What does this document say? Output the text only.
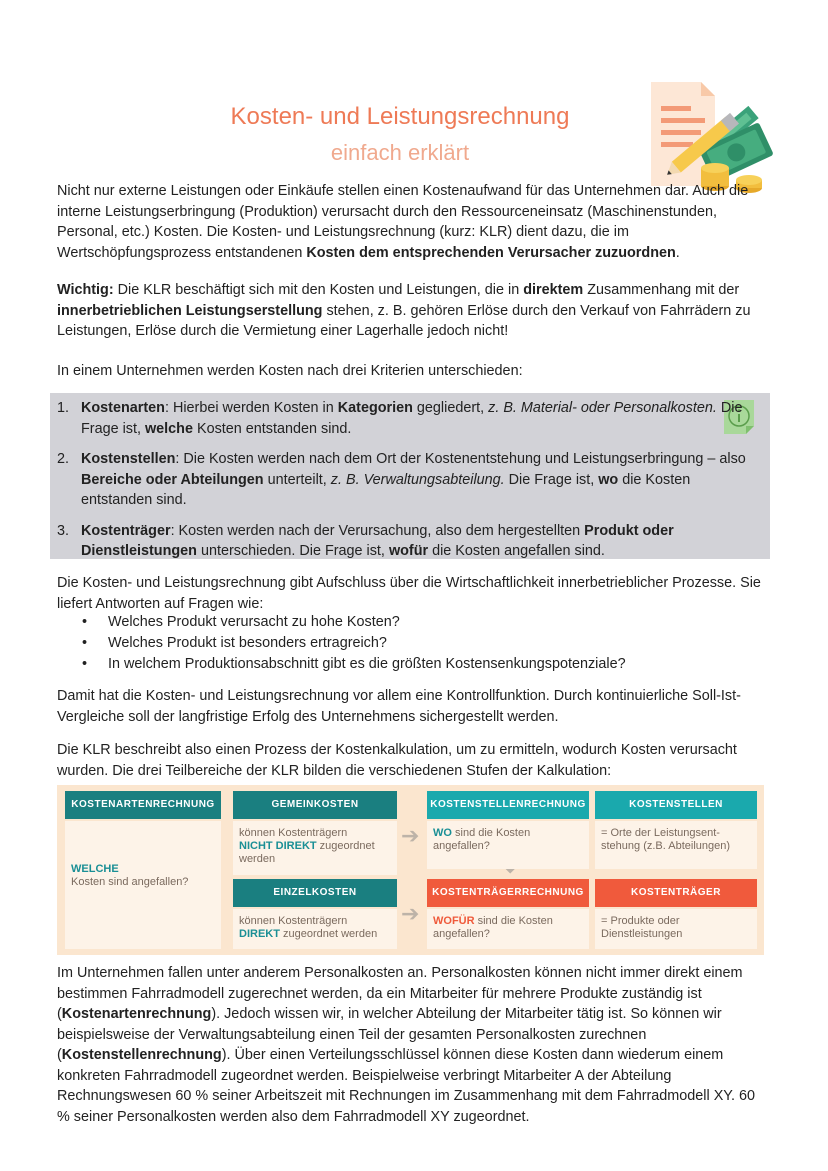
Kosten- und Leistungsrechnung
einfach erklärt

Nicht nur externe Leistungen oder Einkäufe stellen einen Kostenaufwand für das Unternehmen dar. Auch die interne Leistungserbringung (Produktion) verursacht durch den Ressourceneinsatz (Maschinenstunden, Personal, etc.) Kosten. Die Kosten- und Leistungsrechnung (kurz: KLR) dient dazu, die im Wertschöpfungsprozess entstandenen Kosten dem entsprechenden Verursacher zuzuordnen.

Wichtig: Die KLR beschäftigt sich mit den Kosten und Leistungen, die in direktem Zusammenhang mit der innerbetrieblichen Leistungserstellung stehen, z. B. gehören Erlöse durch den Verkauf von Fahrrädern zu Leistungen, Erlöse durch die Vermietung einer Lagerhalle jedoch nicht!

In einem Unternehmen werden Kosten nach drei Kriterien unterschieden:

1. Kostenarten: Hierbei werden Kosten in Kategorien gegliedert, z. B. Material- oder Personalkosten. Die Frage ist, welche Kosten entstanden sind.
2. Kostenstellen: Die Kosten werden nach dem Ort der Kostenentstehung und Leistungserbringung – also Bereiche oder Abteilungen unterteilt, z. B. Verwaltungsabteilung. Die Frage ist, wo die Kosten entstanden sind.
3. Kostenträger: Kosten werden nach der Verursachung, also dem hergestellten Produkt oder Dienstleistungen unterschieden. Die Frage ist, wofür die Kosten angefallen sind.

Die Kosten- und Leistungsrechnung gibt Aufschluss über die Wirtschaftlichkeit innerbetrieblicher Prozesse. Sie liefert Antworten auf Fragen wie:

• Welches Produkt verursacht zu hohe Kosten?
• Welches Produkt ist besonders ertragreich?
• In welchem Produktionsabschnitt gibt es die größten Kostensenkungspotenziale?

Damit hat die Kosten- und Leistungsrechnung vor allem eine Kontrollfunktion. Durch kontinuierliche Soll-Ist-Vergleiche soll der langfristige Erfolg des Unternehmens sichergestellt werden.

Die KLR beschreibt also einen Prozess der Kostenkalkulation, um zu ermitteln, wodurch Kosten verursacht wurden. Die drei Teilbereiche der KLR bilden die verschiedenen Stufen der Kalkulation:

KOSTENARTENRECHNUNG
WELCHE
Kosten sind angefallen?
GEMEINKOSTEN
können Kostenträgern
NICHT DIREKT zugeordnet werden
EINZELKOSTEN
können Kostenträgern
DIREKT zugeordnet werden
➔
➔
KOSTENSTELLENRECHNUNG
WO sind die Kosten angefallen?
KOSTENSTELLEN
= Orte der Leistungsent-stehung (z.B. Abteilungen)
KOSTENTRÄGERRECHNUNG
WOFÜR sind die Kosten angefallen?
KOSTENTRÄGER
= Produkte oder Dienstleistungen

Im Unternehmen fallen unter anderem Personalkosten an. Personalkosten können nicht immer direkt einem bestimmen Fahrradmodell zugerechnet werden, da ein Mitarbeiter für mehrere Produkte zuständig ist (Kostenartenrechnung). Jedoch wissen wir, in welcher Abteilung der Mitarbeiter tätig ist. So können wir beispielsweise der Verwaltungsabteilung einen Teil der gesamten Personalkosten zurechnen (Kostenstellenrechnung). Über einen Verteilungsschlüssel können diese Kosten dann wiederum einem konkreten Fahrradmodell zugeordnet werden. Beispielweise verbringt Mitarbeiter A der Abteilung Rechnungswesen 60 % seiner Arbeitszeit mit Rechnungen im Zusammenhang mit dem Fahrradmodell XY. 60 % seiner Personalkosten werden also dem Fahrradmodell XY zugeordnet.
